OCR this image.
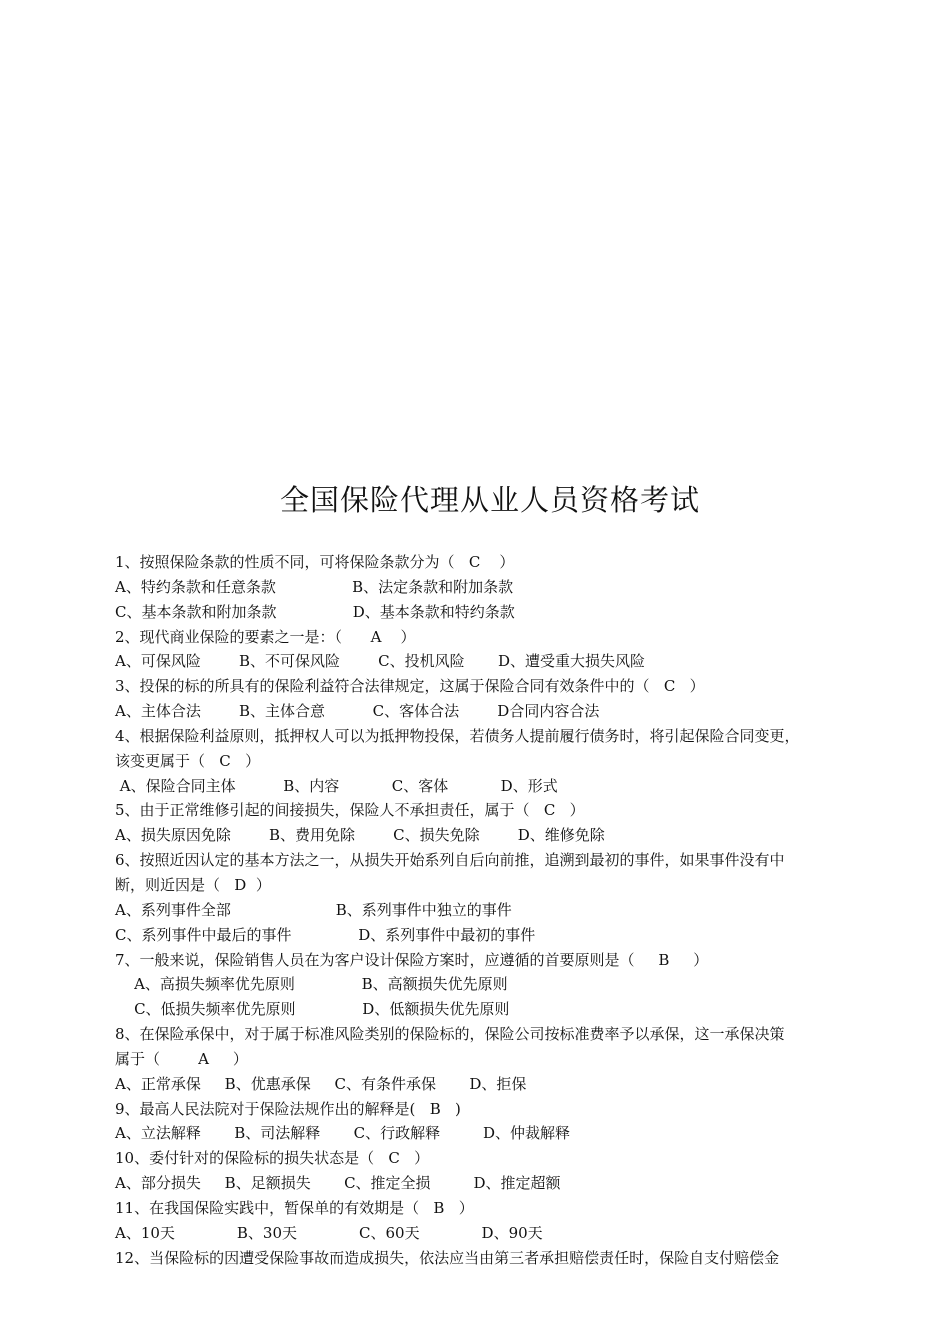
全国保险代理从业人员资格考试
1、按照保险条款的性质不同，可将保险条款分为（   C    ）
A、特约条款和任意条款                B、法定条款和附加条款
C、基本条款和附加条款                D、基本条款和特约条款
2、现代商业保险的要素之一是：（      A    ）
A、可保风险        B、不可保风险        C、投机风险       D、遭受重大损失风险
3、投保的标的所具有的保险利益符合法律规定，这属于保险合同有效条件中的（   C   ）
A、主体合法        B、主体合意          C、客体合法        D合同内容合法
4、根据保险利益原则，抵押权人可以为抵押物投保，若债务人提前履行债务时，将引起保险合同变更，
该变更属于（   C   ）
A、保险合同主体          B、内容           C、客体           D、形式
5、由于正常维修引起的间接损失，保险人不承担责任，属于（   C   ）
A、损失原因免除        B、费用免除        C、损失免除        D、维修免除
6、按照近因认定的基本方法之一，从损失开始系列自后向前推，追溯到最初的事件，如果事件没有中
断，则近因是（   D  ）
A、系列事件全部                      B、系列事件中独立的事件
C、系列事件中最后的事件              D、系列事件中最初的事件
7、一般来说，保险销售人员在为客户设计保险方案时，应遵循的首要原则是（     B     ）
A、高损失频率优先原则              B、高额损失优先原则
C、低损失频率优先原则              D、低额损失优先原则
8、在保险承保中，对于属于标准风险类别的保险标的，保险公司按标准费率予以承保，这一承保决策
属于（        A     ）
A、正常承保     B、优惠承保     C、有条件承保       D、拒保
9、最高人民法院对于保险法规作出的解释是(   B   )
A、立法解释       B、司法解释       C、行政解释         D、仲裁解释
10、委付针对的保险标的损失状态是（   C   ）
A、部分损失     B、足额损失       C、推定全损         D、推定超额
11、在我国保险实践中，暂保单的有效期是（   B   ）
A、10天             B、30天             C、60天             D、90天
12、当保险标的因遭受保险事故而造成损失，依法应当由第三者承担赔偿责任时，保险自支付赔偿金
